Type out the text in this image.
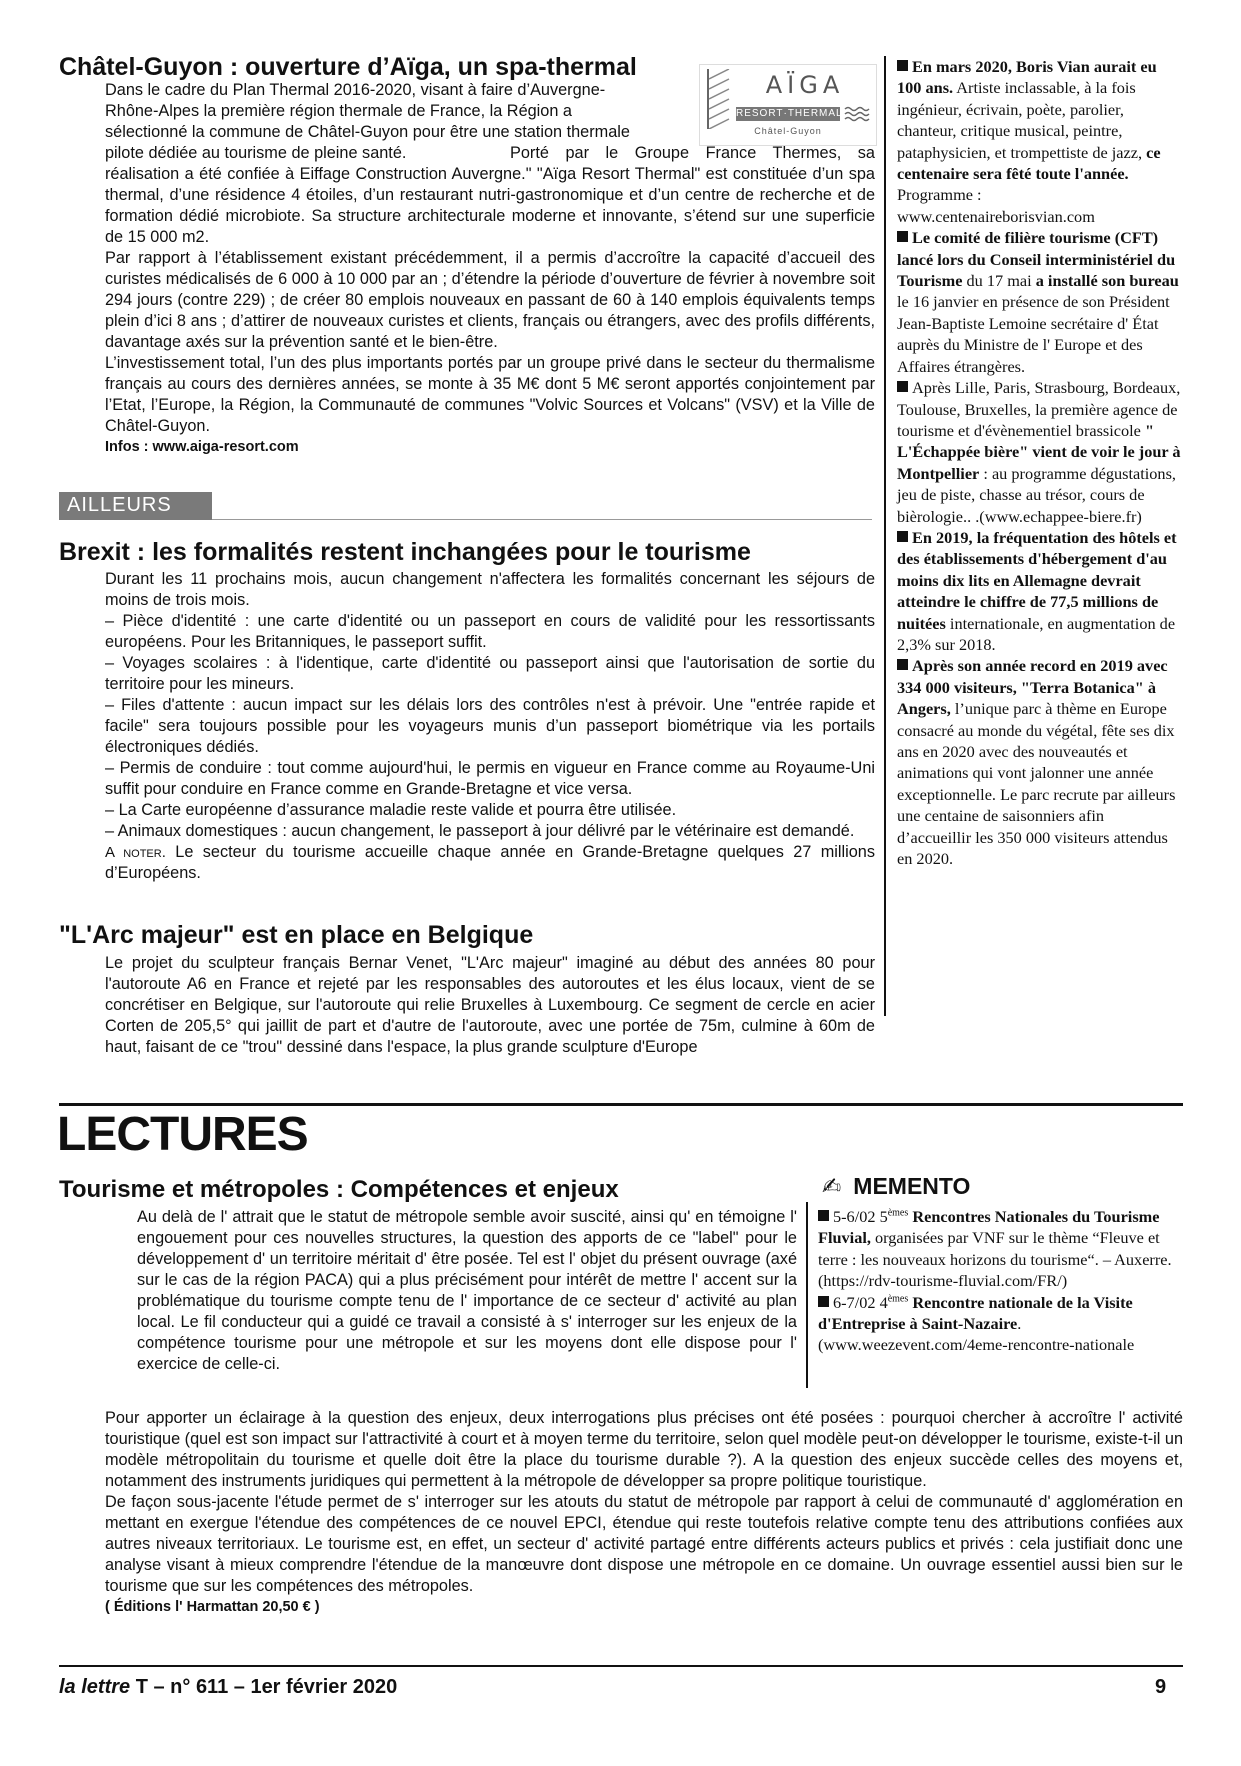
Châtel-Guyon : ouverture d’Aïga, un spa-thermal
AÏGA
RESORT·THERMAL
Châtel-Guyon

Dans le cadre du Plan Thermal 2016-2020, visant à faire d’Auvergne-

Rhône-Alpes la première région thermale de France, la Région a

sélectionné la commune de Châtel-Guyon pour être une station thermale

pilote dédiée au tourisme de pleine santé.	Porté par le Groupe France Thermes, sa réalisation a été confiée à Eiffage Construction Auvergne." "Aïga Resort Thermal" est constituée d’un spa thermal, d’une résidence 4 étoiles, d’un restaurant nutri-gastronomique et d’un centre de recherche et de formation dédié microbiote. Sa structure architecturale moderne et innovante, s’étend sur une superficie de 15 000 m2.

Par rapport à l’établissement existant précédemment, il a permis d’accroître la capacité d’accueil des curistes médicalisés de 6 000 à 10 000 par an ; d’étendre la période d’ouverture de février à novembre soit 294 jours (contre 229) ; de créer 80 emplois nouveaux en passant de 60 à 140 emplois équivalents temps plein d’ici 8 ans ; d’attirer de nouveaux curistes et clients, français ou étrangers, avec des profils différents, davantage axés sur la prévention santé et le bien-être.

L’investissement total, l’un des plus importants portés par un groupe privé dans le secteur du thermalisme français au cours des dernières années, se monte à 35 M€ dont 5 M€ seront apportés conjointement par l’Etat, l’Europe, la Région, la Communauté de communes "Volvic Sources et Volcans" (VSV) et la Ville de Châtel-Guyon.

Infos : www.aiga-resort.com

AILLEURS
Brexit : les formalités restent inchangées pour le tourisme

Durant les 11 prochains mois, aucun changement n'affectera les formalités concernant les séjours de moins de trois mois.

– Pièce d'identité : une carte d'identité ou un passeport en cours de validité pour les ressortissants européens. Pour les Britanniques, le passeport suffit.

– Voyages scolaires : à l'identique, carte d'identité ou passeport ainsi que l'autorisation de sortie du territoire pour les mineurs.

– Files d'attente : aucun impact sur les délais lors des contrôles n'est à prévoir. Une "entrée rapide et facile" sera toujours possible pour les voyageurs munis d’un passeport biométrique via les portails électroniques dédiés.

– Permis de conduire : tout comme aujourd'hui, le permis en vigueur en France comme au Royaume-Uni suffit pour conduire en France comme en Grande-Bretagne et vice versa.

– La Carte européenne d’assurance maladie reste valide et pourra être utilisée.

– Animaux domestiques : aucun changement, le passeport à jour délivré par le vétérinaire est demandé.

A noter. Le secteur du tourisme accueille chaque année en Grande-Bretagne quelques 27 millions d’Européens.

"L'Arc majeur" est en place en Belgique

Le projet du sculpteur français Bernar Venet, "L'Arc majeur" imaginé au début des années 80 pour l'autoroute A6 en France et rejeté par les responsables des autoroutes et les élus locaux, vient de se concrétiser en Belgique, sur l'autoroute qui relie Bruxelles à Luxembourg. Ce segment de cercle en acier Corten de 205,5° qui jaillit de part et d'autre de l'autoroute, avec une portée de 75m, culmine à 60m de haut, faisant de ce "trou" dessiné dans l'espace, la plus grande sculpture d'Europe

En mars 2020, Boris Vian aurait eu 100 ans. Artiste inclassable, à la fois ingénieur, écrivain, poète, parolier, chanteur, critique musical, peintre, pataphysicien, et trompettiste de jazz, ce centenaire sera fêté toute l'année. Programme : www.centenaireborisvian.com

Le comité de filière tourisme (CFT) lancé lors du Conseil interministériel du Tourisme du 17 mai a installé son bureau le 16 janvier en présence de son Président Jean-Baptiste Lemoine secrétaire d' État auprès du Ministre de l' Europe et des Affaires étrangères.

Après Lille, Paris, Strasbourg, Bordeaux, Toulouse, Bruxelles, la première agence de tourisme et d'évènementiel brassicole " L'Échappée bière" vient de voir le jour à Montpellier : au programme dégustations, jeu de piste, chasse au trésor, cours de bièrologie.. .(www.echappee-biere.fr)

En 2019, la fréquentation des hôtels et des établissements d'hébergement d'au moins dix lits en Allemagne devrait atteindre le chiffre de 77,5 millions de nuitées internationale, en augmentation de 2,3% sur 2018.

Après son année record en 2019 avec 334 000 visiteurs, "Terra Botanica" à Angers, l’unique parc à thème en Europe consacré au monde du végétal, fête ses dix ans en 2020 avec des nouveautés et animations qui vont jalonner une année exceptionnelle. Le parc recrute par ailleurs une centaine de saisonniers afin d’accueillir les 350 000 visiteurs attendus en 2020.

LECTURES
Tourisme et métropoles : Compétences et enjeux

Au delà de l' attrait que le statut de métropole semble avoir suscité, ainsi qu' en témoigne l' engouement pour ces nouvelles structures, la question des apports de ce "label" pour le développement d' un territoire méritait d' être posée. Tel est l' objet du présent ouvrage (axé sur le cas de la région PACA) qui a plus précisément pour intérêt de mettre l' accent sur la problématique du tourisme compte tenu de l' importance de ce secteur d' activité au plan local. Le fil conducteur qui a guidé ce travail a consisté à s' interroger sur les enjeux de la compétence tourisme pour une métropole et sur les moyens dont elle dispose pour l' exercice de celle-ci.

Pour apporter un éclairage à la question des enjeux, deux interrogations plus précises ont été posées : pourquoi chercher à accroître l' activité touristique (quel est son impact sur l'attractivité à court et à moyen terme du territoire, selon quel modèle peut-on développer le tourisme, existe-t-il un modèle métropolitain du tourisme et quelle doit être la place du tourisme durable ?). A la question des enjeux succède celles des moyens et, notamment des instruments juridiques qui permettent à la métropole de développer sa propre politique touristique.

De façon sous-jacente l'étude permet de s' interroger sur les atouts du statut de métropole par rapport à celui de communauté d' agglomération en mettant en exergue l'étendue des compétences de ce nouvel EPCI, étendue qui reste toutefois relative compte tenu des attributions confiées aux autres niveaux territoriaux. Le tourisme est, en effet, un secteur d' activité partagé entre différents acteurs publics et privés : cela justifiait donc une analyse visant à mieux comprendre l'étendue de la manœuvre dont dispose une métropole en ce domaine. Un ouvrage essentiel aussi bien sur le tourisme que sur les compétences des métropoles.

( Éditions l' Harmattan 20,50 € )

✍ MEMENTO

5-6/02 5èmes Rencontres Nationales du Tourisme Fluvial, organisées par VNF sur le thème “Fleuve et terre : les nouveaux horizons du tourisme“. – Auxerre. (https://rdv-tourisme-fluvial.com/FR/)

6-7/02 4èmes Rencontre nationale de la Visite d'Entreprise à Saint-Nazaire. (www.weezevent.com/4eme-rencontre-nationale

la lettre T – n° 611 – 1er février 2020	9
